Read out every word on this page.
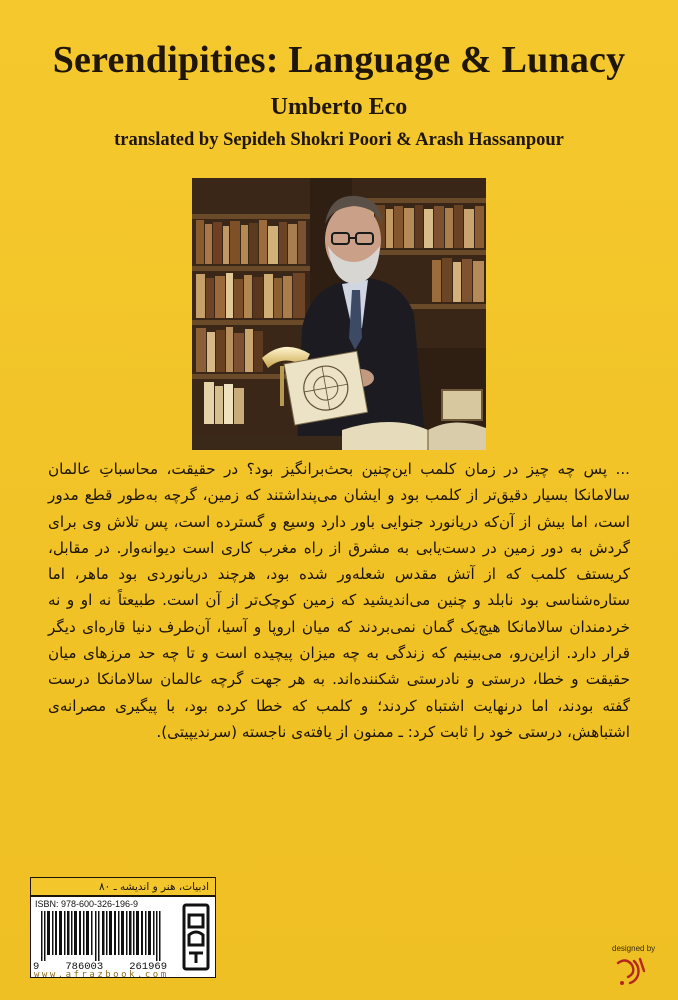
Serendipities: Language & Lunacy
Umberto Eco
translated by Sepideh Shokri Poori & Arash Hassanpour
... پس چه چیز در زمان کلمب این‌چنین بحث‌برانگیز بود؟ در حقیقت، محاسباتِ عالمان سالامانکا بسیار دقیق‌تر از کلمب بود و ایشان می‌پنداشتند که زمین، گرچه به‌طور قطع مدور است، اما بیش از آن‌که دریانورد جنوایی باور دارد وسیع و گسترده است، پس تلاش وی برای گردش به دور زمین در دست‌یابی به مشرق از راه مغرب کاری است دیوانه‌وار. در مقابل، کریستف کلمب که از آتش مقدس شعله‌ور شده بود، هرچند دریانوردی بود ماهر، اما ستاره‌شناسی بود نابلد و چنین می‌اندیشید که زمین کوچک‌تر از آن است. طبیعتاً نه او و نه خردمندان سالامانکا هیچ‌یک گمان نمی‌بردند که میان اروپا و آسیا، آن‌طرف دنیا قاره‌ای دیگر قرار دارد. ازاین‌رو، می‌بینیم که زندگی به چه میزان پیچیده است و تا چه حد مرزهای میان حقیقت و خطا، درستی و نادرستی شکننده‌اند. به هر جهت گرچه عالمان سالامانکا درست گفته بودند، اما درنهایت اشتباه کردند؛ و کلمب که خطا کرده بود، با پیگیری مصرانه‌ی اشتباهش، درستی خود را ثابت کرد: ـ ممنون از یافته‌ی ناجسته (سرندیپیتی).
ادبیات، هنر و اندیشه ـ ۸۰
ISBN: 978-600-326-196-9
9 786003 261969
www.afrazbook.com
designed by
